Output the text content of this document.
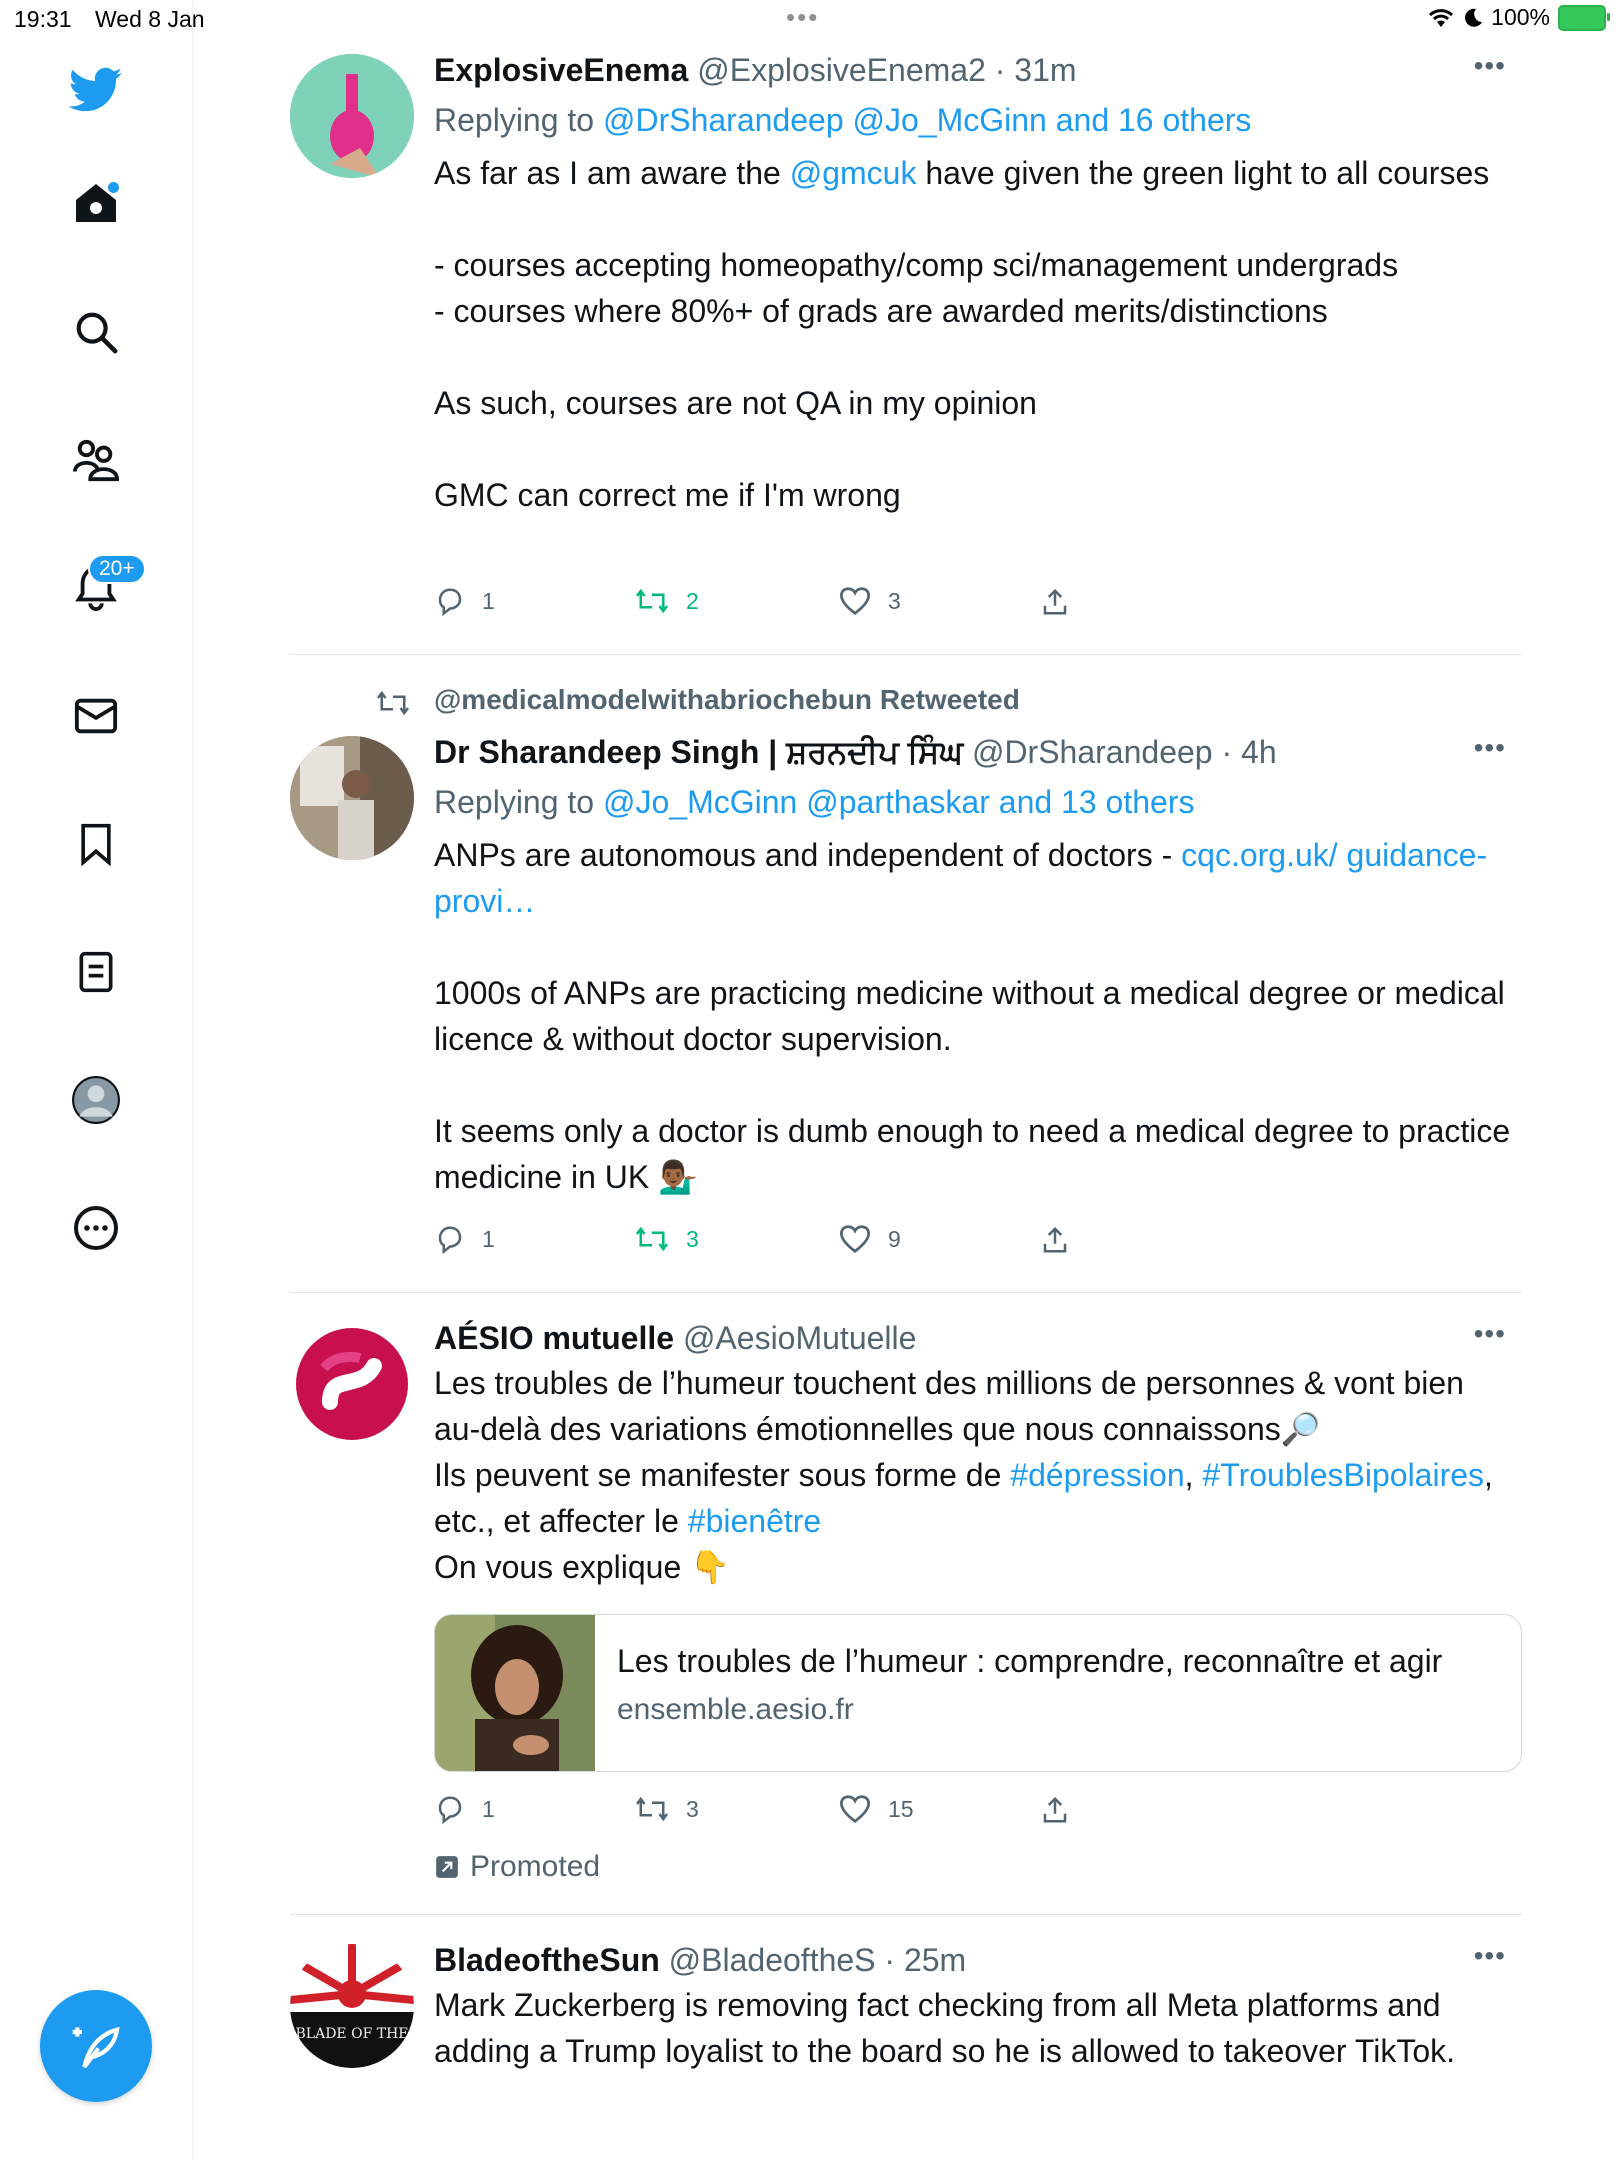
19:31 Wed 8 Jan	•••	100%
20+
ExplosiveEnema @ExplosiveEnema2 · 31m	•••
Replying to @DrSharandeep @Jo_McGinn and 16 others

As far as I am aware the @gmcuk have given the green light to all courses

- courses accepting homeopathy/comp sci/management undergrads

- courses where 80%+ of grads are awarded merits/distinctions

As such, courses are not QA in my opinion

GMC can correct me if I'm wrong

1	2	3
@medicalmodelwithabriochebun Retweeted
Dr Sharandeep Singh | ਸ਼ਰਨਦੀਪ ਸਿੰਘ @DrSharandeep · 4h	•••
Replying to @Jo_McGinn @parthaskar and 13 others

ANPs are autonomous and independent of doctors - cqc.org.uk/ guidance-provi…

1000s of ANPs are practicing medicine without a medical degree or medical licence & without doctor supervision.

It seems only a doctor is dumb enough to need a medical degree to practice medicine in UK 💁🏾‍♂️

1	3	9
AÉSIO mutuelle @AesioMutuelle	•••

Les troubles de l’humeur touchent des millions de personnes & vont bien au-delà des variations émotionnelles que nous connaissons🔎

Ils peuvent se manifester sous forme de #dépression, #TroublesBipolaires, etc., et affecter le #bienêtre

On vous explique 👇

Les troubles de l’humeur : comprendre, reconnaître et agir
ensemble.aesio.fr
1	3	15
Promoted
BLADE OF THE
BladeoftheSun @BladeoftheS · 25m	•••

Mark Zuckerberg is removing fact checking from all Meta platforms and adding a Trump loyalist to the board so he is allowed to takeover TikTok.
